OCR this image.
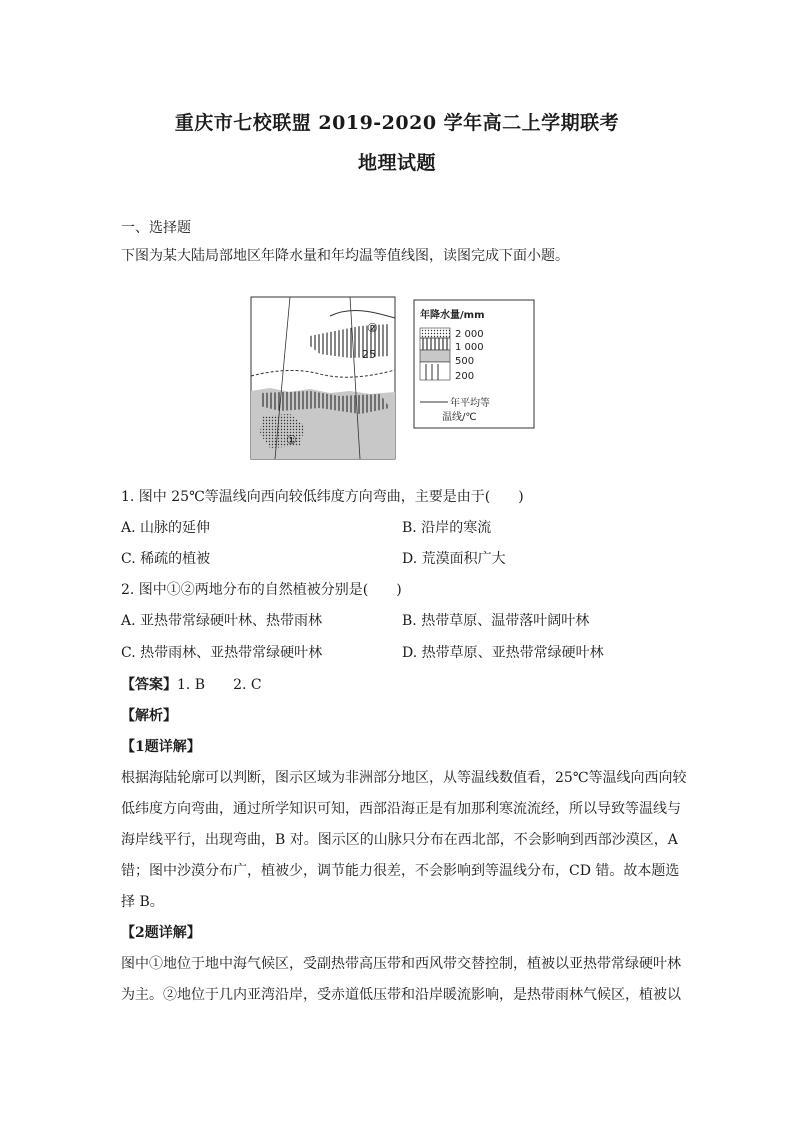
重庆市七校联盟 2019-2020 学年高二上学期联考
地理试题
一、选择题
下图为某大陆局部地区年降水量和年均温等值线图，读图完成下面小题。
25
②
①
年降水量/mm
2 000
1 000
500
200
年平均等
温线/℃
1. 图中 25℃等温线向西向较低纬度方向弯曲，主要是由于(　　)
A. 山脉的延伸	B. 沿岸的寒流
C. 稀疏的植被	D. 荒漠面积广大
2. 图中①②两地分布的自然植被分别是(　　)
A. 亚热带常绿硬叶林、热带雨林	B. 热带草原、温带落叶阔叶林
C. 热带雨林、亚热带常绿硬叶林	D. 热带草原、亚热带常绿硬叶林
【答案】1. B　　2. C
【解析】
【1题详解】
根据海陆轮廓可以判断，图示区域为非洲部分地区，从等温线数值看，25℃等温线向西向较
低纬度方向弯曲，通过所学知识可知，西部沿海正是有加那利寒流流经，所以导致等温线与
海岸线平行，出现弯曲，B 对。图示区的山脉只分布在西北部，不会影响到西部沙漠区，A
错；图中沙漠分布广，植被少，调节能力很差，不会影响到等温线分布，CD 错。故本题选
择 B。
【2题详解】
图中①地位于地中海气候区，受副热带高压带和西风带交替控制，植被以亚热带常绿硬叶林
为主。②地位于几内亚湾沿岸，受赤道低压带和沿岸暖流影响，是热带雨林气候区，植被以
